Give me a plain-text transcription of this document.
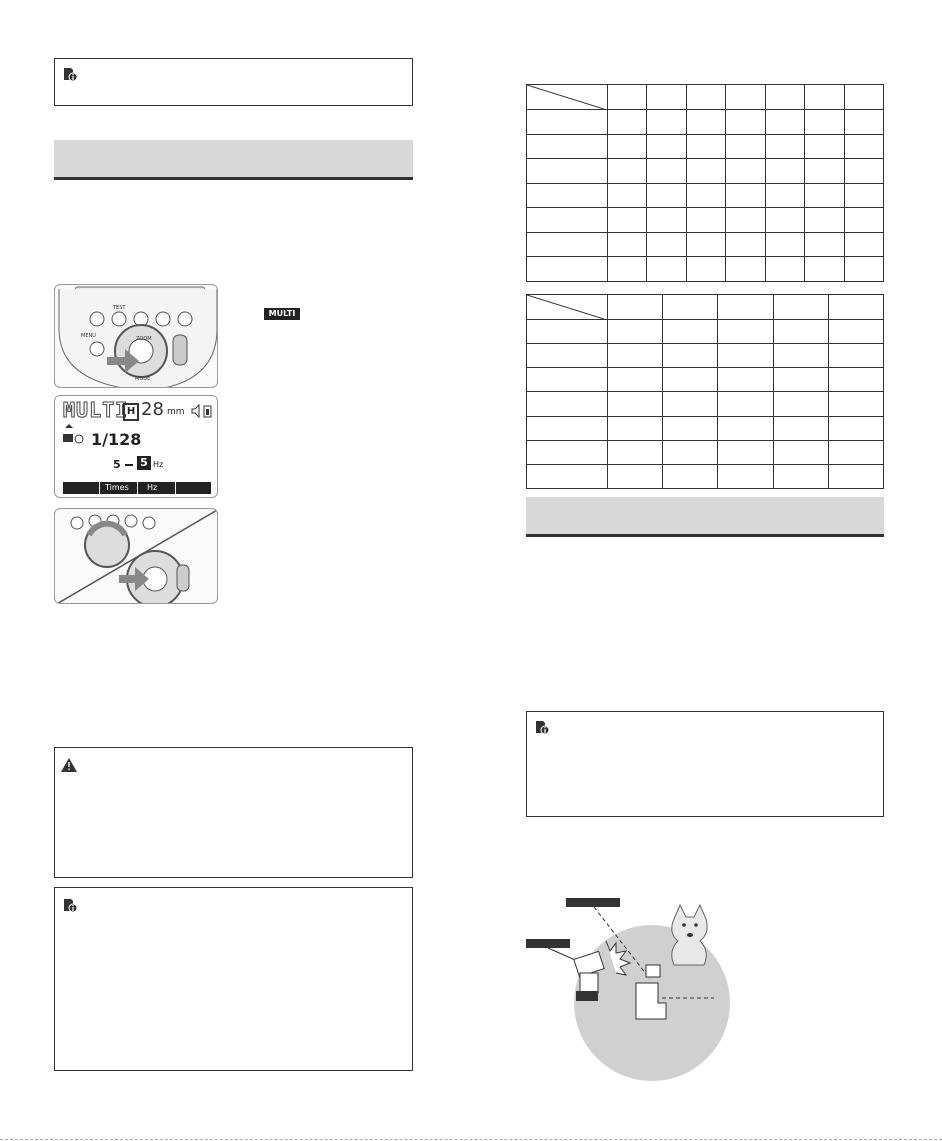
ZOOM
MODE
MENU
TEST
MULTI
H 28 mm
1/128
5 5 Hz
Times Hz
MULTI
